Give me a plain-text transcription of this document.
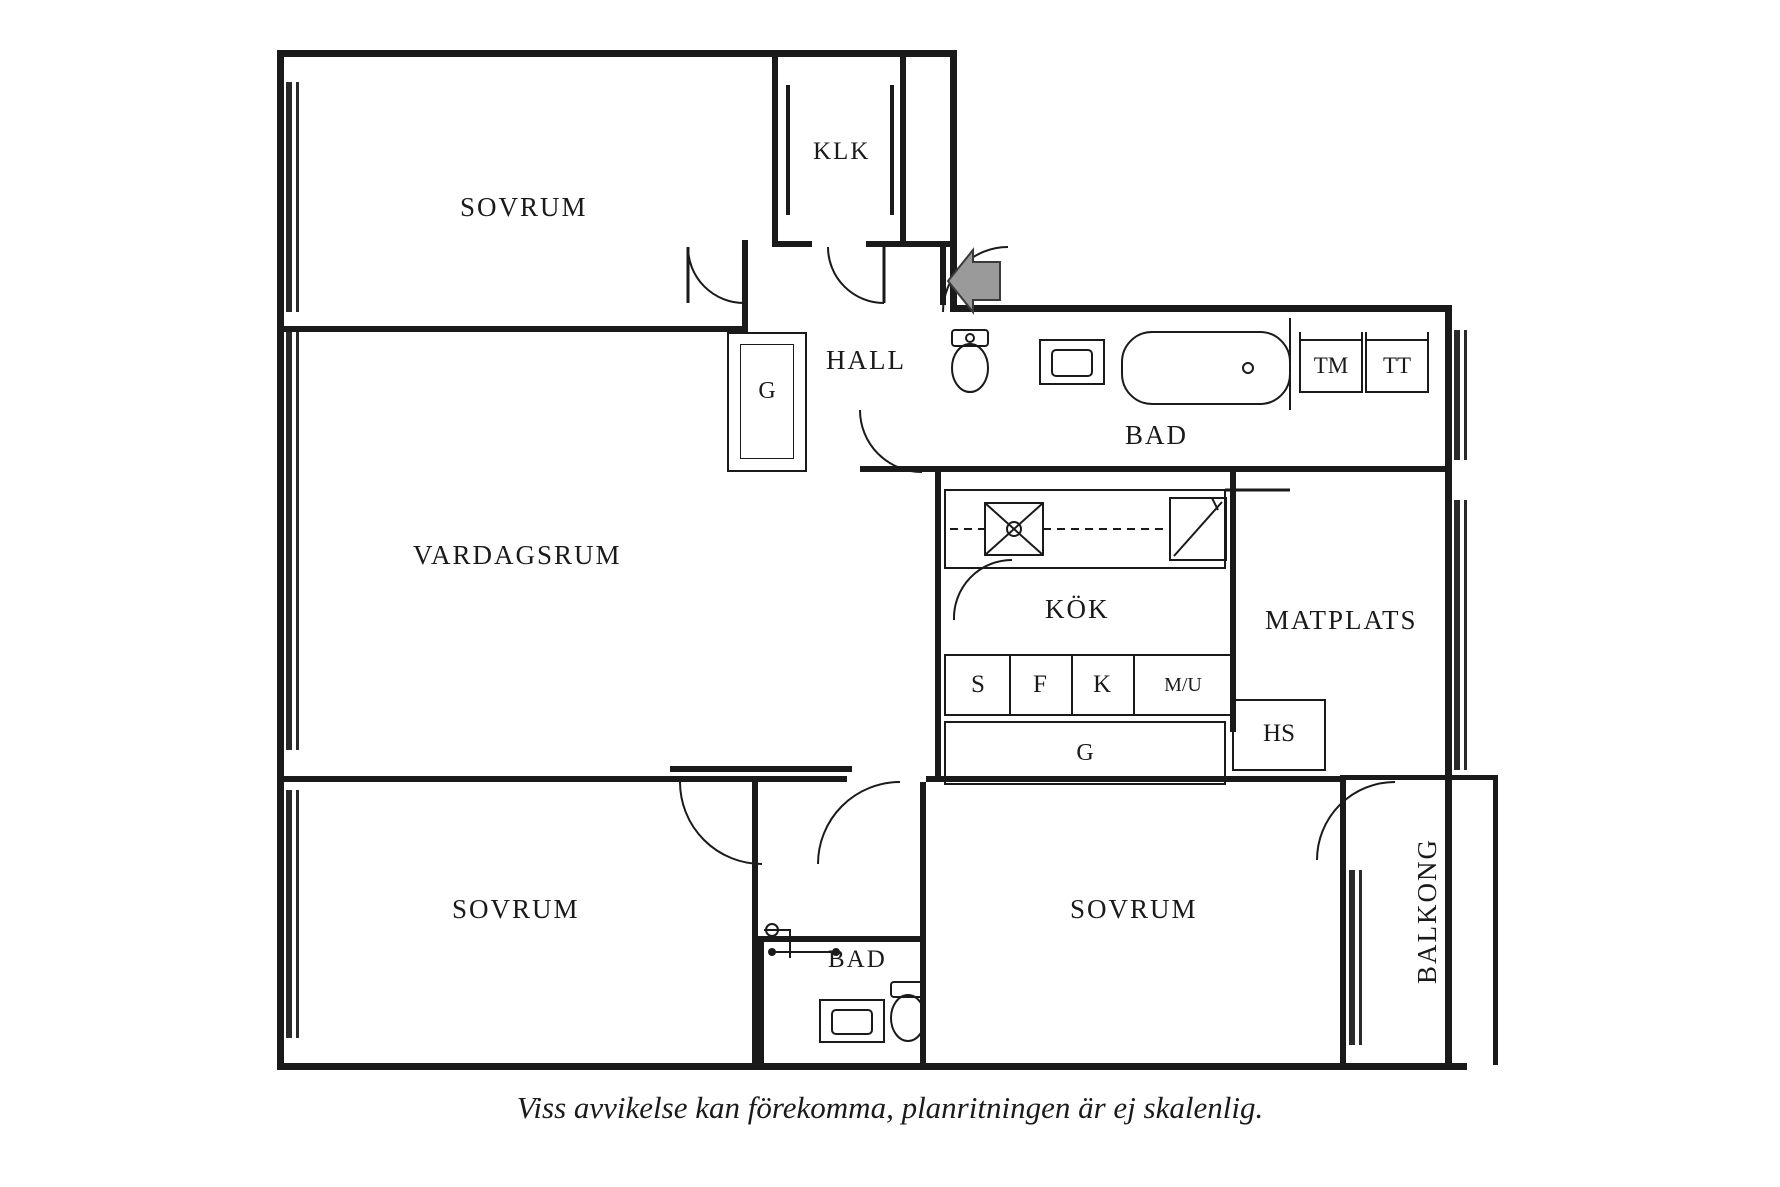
SOVRUM
KLK
HALL
BAD
VARDAGSRUM
KÖK	MATPLATS
SOVRUM
BAD
SOVRUM	BALKONG
G
G
TM	TT
S	F	K	M/U
HS
Viss avvikelse kan förekomma, planritningen är ej skalenlig.
